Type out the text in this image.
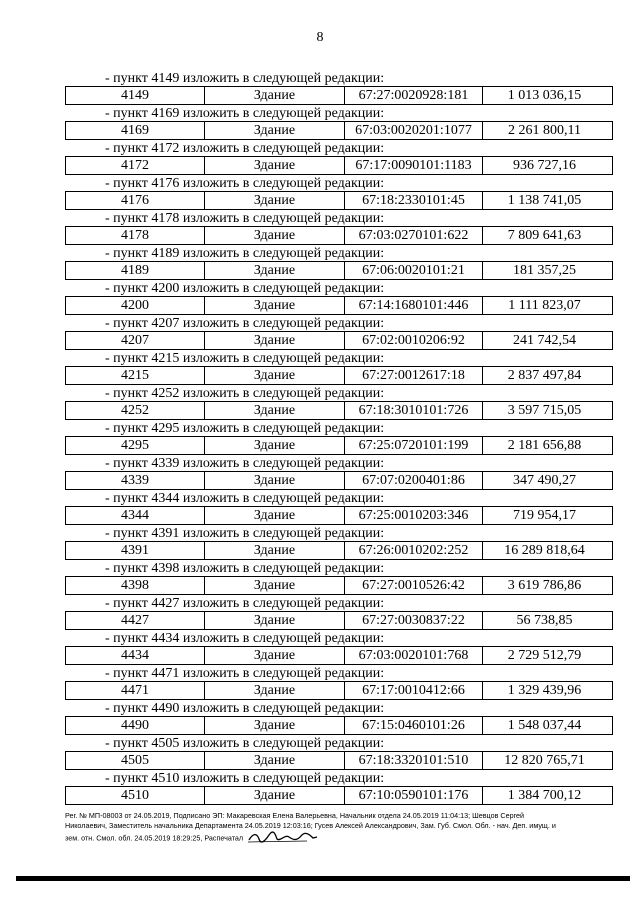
8
- пункт 4149 изложить в следующей редакции:
4149	Здание	67:27:0020928:181	1 013 036,15
- пункт 4169 изложить в следующей редакции:
4169	Здание	67:03:0020201:1077	2 261 800,11
- пункт 4172 изложить в следующей редакции:
4172	Здание	67:17:0090101:1183	936 727,16
- пункт 4176 изложить в следующей редакции:
4176	Здание	67:18:2330101:45	1 138 741,05
- пункт 4178 изложить в следующей редакции:
4178	Здание	67:03:0270101:622	7 809 641,63
- пункт 4189 изложить в следующей редакции:
4189	Здание	67:06:0020101:21	181 357,25
- пункт 4200 изложить в следующей редакции:
4200	Здание	67:14:1680101:446	1 111 823,07
- пункт 4207 изложить в следующей редакции:
4207	Здание	67:02:0010206:92	241 742,54
- пункт 4215 изложить в следующей редакции:
4215	Здание	67:27:0012617:18	2 837 497,84
- пункт 4252 изложить в следующей редакции:
4252	Здание	67:18:3010101:726	3 597 715,05
- пункт 4295 изложить в следующей редакции:
4295	Здание	67:25:0720101:199	2 181 656,88
- пункт 4339 изложить в следующей редакции:
4339	Здание	67:07:0200401:86	347 490,27
- пункт 4344 изложить в следующей редакции:
4344	Здание	67:25:0010203:346	719 954,17
- пункт 4391 изложить в следующей редакции:
4391	Здание	67:26:0010202:252	16 289 818,64
- пункт 4398 изложить в следующей редакции:
4398	Здание	67:27:0010526:42	3 619 786,86
- пункт 4427 изложить в следующей редакции:
4427	Здание	67:27:0030837:22	56 738,85
- пункт 4434 изложить в следующей редакции:
4434	Здание	67:03:0020101:768	2 729 512,79
- пункт 4471 изложить в следующей редакции:
4471	Здание	67:17:0010412:66	1 329 439,96
- пункт 4490 изложить в следующей редакции:
4490	Здание	67:15:0460101:26	1 548 037,44
- пункт 4505 изложить в следующей редакции:
4505	Здание	67:18:3320101:510	12 820 765,71
- пункт 4510 изложить в следующей редакции:
4510	Здание	67:10:0590101:176	1 384 700,12
Рег. № МП-08003 от 24.05.2019, Подписано ЭП: Макаревская Елена Валерьевна, Начальник отдела 24.05.2019 11:04:13; Шевцов Сергей
Николаевич, Заместитель начальника Департамента 24.05.2019 12:03:16; Гусев Алексей Александрович, Зам. Губ. Смол. Обл. - нач. Деп. имущ. и
зем. отн. Смол. обл. 24.05.2019 18:29:25, Распечатал
